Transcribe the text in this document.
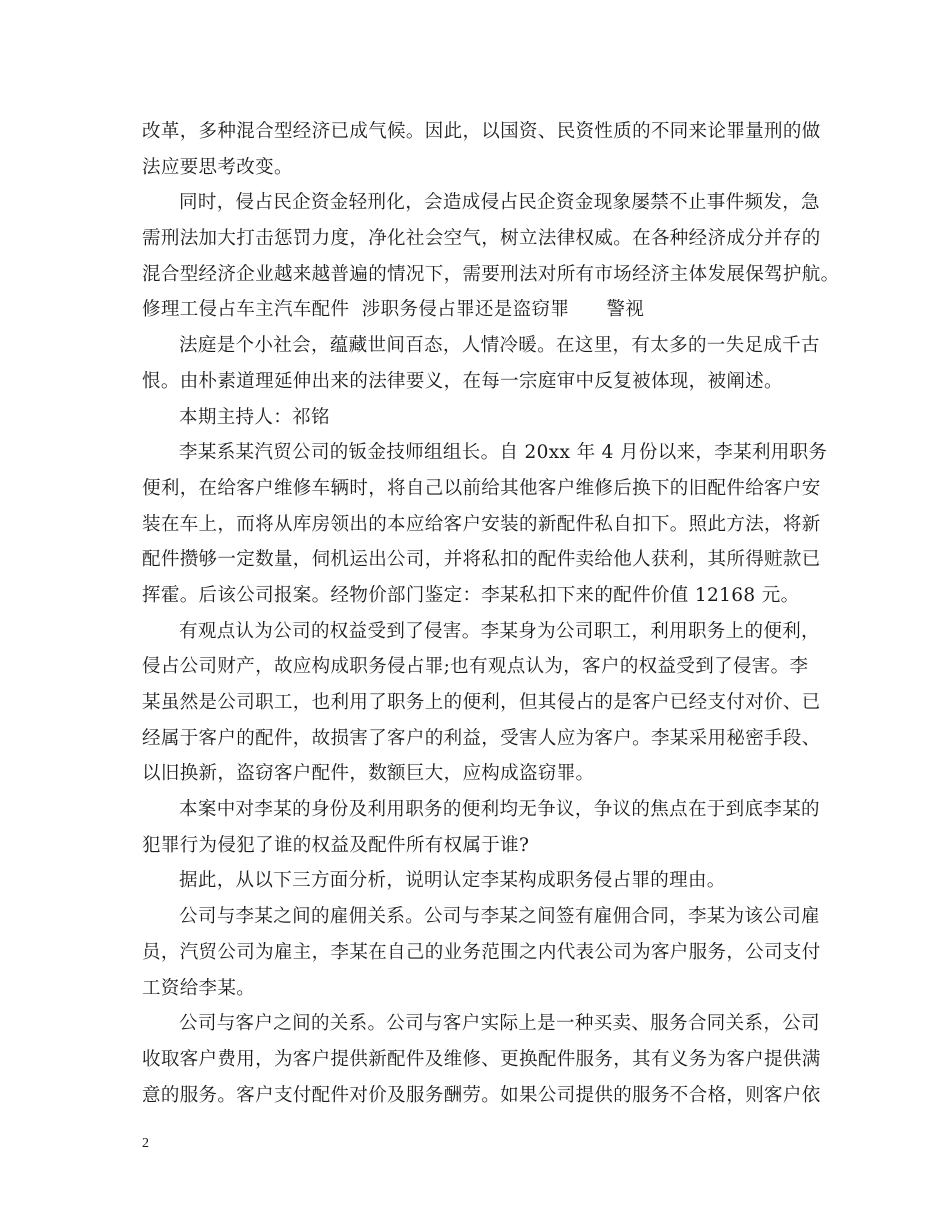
改革，多种混合型经济已成气候。因此，以国资、民资性质的不同来论罪量刑的做
法应要思考改变。
同时，侵占民企资金轻刑化，会造成侵占民企资金现象屡禁不止事件频发，急
需刑法加大打击惩罚力度，净化社会空气，树立法律权威。在各种经济成分并存的
混合型经济企业越来越普遍的情况下，需要刑法对所有市场经济主体发展保驾护航。
修理工侵占车主汽车配件  涉职务侵占罪还是盗窃罪      警视
法庭是个小社会，蕴藏世间百态，人情冷暖。在这里，有太多的一失足成千古
恨。由朴素道理延伸出来的法律要义，在每一宗庭审中反复被体现，被阐述。
本期主持人：祁铭
李某系某汽贸公司的钣金技师组组长。自 20xx 年 4 月份以来，李某利用职务
便利，在给客户维修车辆时，将自己以前给其他客户维修后换下的旧配件给客户安
装在车上，而将从库房领出的本应给客户安装的新配件私自扣下。照此方法，将新
配件攒够一定数量，伺机运出公司，并将私扣的配件卖给他人获利，其所得赃款已
挥霍。后该公司报案。经物价部门鉴定：李某私扣下来的配件价值 12168 元。
有观点认为公司的权益受到了侵害。李某身为公司职工，利用职务上的便利，
侵占公司财产，故应构成职务侵占罪;也有观点认为，客户的权益受到了侵害。李
某虽然是公司职工，也利用了职务上的便利，但其侵占的是客户已经支付对价、已
经属于客户的配件，故损害了客户的利益，受害人应为客户。李某采用秘密手段、
以旧换新，盗窃客户配件，数额巨大，应构成盗窃罪。
本案中对李某的身份及利用职务的便利均无争议，争议的焦点在于到底李某的
犯罪行为侵犯了谁的权益及配件所有权属于谁?
据此，从以下三方面分析，说明认定李某构成职务侵占罪的理由。
公司与李某之间的雇佣关系。公司与李某之间签有雇佣合同，李某为该公司雇
员，汽贸公司为雇主，李某在自己的业务范围之内代表公司为客户服务，公司支付
工资给李某。
公司与客户之间的关系。公司与客户实际上是一种买卖、服务合同关系，公司
收取客户费用，为客户提供新配件及维修、更换配件服务，其有义务为客户提供满
意的服务。客户支付配件对价及服务酬劳。如果公司提供的服务不合格，则客户依
2
